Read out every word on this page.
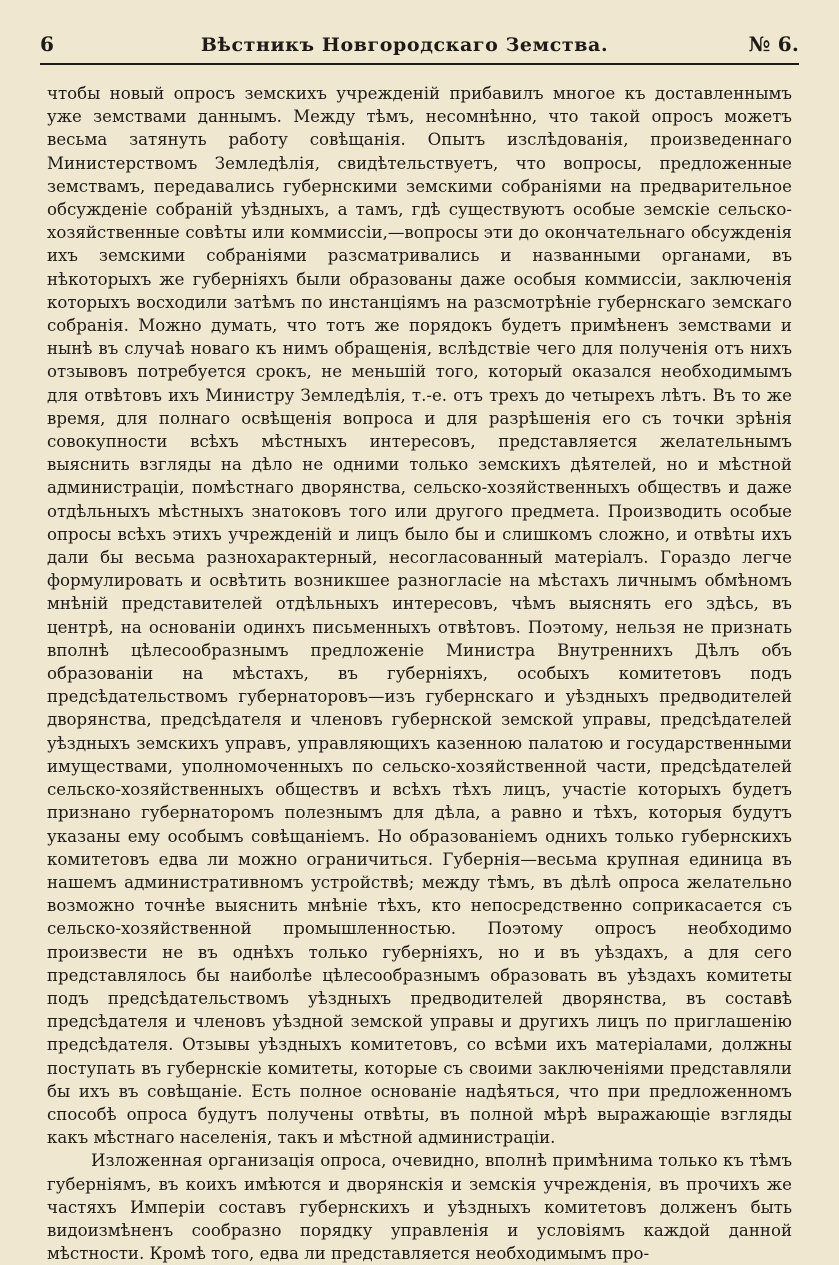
6	Вѣстникъ Новгородскаго Земства.	№ 6.

чтобы новый опросъ земскихъ учрежденій прибавилъ многое къ доставленнымъ уже земствами даннымъ. Между тѣмъ, несомнѣнно, что такой опросъ можетъ весьма затянуть работу совѣщанія. Опытъ изслѣдованія, произведеннаго Министерствомъ Земледѣлія, свидѣтельствуетъ, что вопросы, предложенные земствамъ, передавались губернскими земскими собраніями на предварительное обсужденіе собраній уѣздныхъ, а тамъ, гдѣ существуютъ особые земскіе сельско-хозяйственные совѣты или коммиссіи,—вопросы эти до окончательнаго обсужденія ихъ земскими собраніями разсматривались и названными органами, въ нѣкоторыхъ же губерніяхъ были образованы даже особыя коммиссіи, заключенія которыхъ восходили затѣмъ по инстанціямъ на разсмотрѣніе губернскаго земскаго собранія. Можно думать, что тотъ же порядокъ будетъ примѣненъ земствами и нынѣ въ случаѣ новаго къ нимъ обращенія, вслѣдствіе чего для полученія отъ нихъ отзывовъ потребуется срокъ, не меньшій того, который оказался необходимымъ для отвѣтовъ ихъ Министру Земледѣлія, т.-е. отъ трехъ до четырехъ лѣтъ. Въ то же время, для полнаго освѣщенія вопроса и для разрѣшенія его съ точки зрѣнія совокупности всѣхъ мѣстныхъ интересовъ, представляется желательнымъ выяснить взгляды на дѣло не одними только земскихъ дѣятелей, но и мѣстной администраціи, помѣстнаго дворянства, сельско-хозяйственныхъ обществъ и даже отдѣльныхъ мѣстныхъ знатоковъ того или другого предмета. Производить особые опросы всѣхъ этихъ учрежденій и лицъ было бы и слишкомъ сложно, и отвѣты ихъ дали бы весьма разнохарактерный, несогласованный матеріалъ. Гораздо легче формулировать и освѣтить возникшее разногласіе на мѣстахъ личнымъ обмѣномъ мнѣній представителей отдѣльныхъ интересовъ, чѣмъ выяснять его здѣсь, въ центрѣ, на основаніи одинхъ письменныхъ отвѣтовъ. Поэтому, нельзя не признать вполнѣ цѣлесообразнымъ предложеніе Министра Внутреннихъ Дѣлъ объ образованіи на мѣстахъ, въ губерніяхъ, особыхъ комитетовъ подъ предсѣдательствомъ губернаторовъ—изъ губернскаго и уѣздныхъ предводителей дворянства, предсѣдателя и членовъ губернской земской управы, предсѣдателей уѣздныхъ земскихъ управъ, управляющихъ казенною палатою и государственными имуществами, уполномоченныхъ по сельско-хозяйственной части, предсѣдателей сельско-хозяйственныхъ обществъ и всѣхъ тѣхъ лицъ, участіе которыхъ будетъ признано губернаторомъ полезнымъ для дѣла, а равно и тѣхъ, которыя будутъ указаны ему особымъ совѣщаніемъ. Но образованіемъ однихъ только губернскихъ комитетовъ едва ли можно ограничиться. Губернія—весьма крупная единица въ нашемъ административномъ устройствѣ; между тѣмъ, въ дѣлѣ опроса желательно возможно точнѣе выяснить мнѣніе тѣхъ, кто непосредственно соприкасается съ сельско-хозяйственной промышленностью. Поэтому опросъ необходимо произвести не въ однѣхъ только губерніяхъ, но и въ уѣздахъ, а для сего представлялось бы наиболѣе цѣлесообразнымъ образовать въ уѣздахъ комитеты подъ предсѣдательствомъ уѣздныхъ предводителей дворянства, въ составѣ предсѣдателя и членовъ уѣздной земской управы и другихъ лицъ по приглашенію предсѣдателя. Отзывы уѣздныхъ комитетовъ, со всѣми ихъ матеріалами, должны поступать въ губернскіе комитеты, которые съ своими заключеніями представляли бы ихъ въ совѣщаніе. Есть полное основаніе надѣяться, что при предложенномъ способѣ опроса будутъ получены отвѣты, въ полной мѣрѣ выражающіе взгляды какъ мѣстнаго населенія, такъ и мѣстной администраціи.

Изложенная организація опроса, очевидно, вполнѣ примѣнима только къ тѣмъ губерніямъ, въ коихъ имѣются и дворянскія и земскія учрежденія, въ прочихъ же частяхъ Имперіи составъ губернскихъ и уѣздныхъ комитетовъ долженъ быть видоизмѣненъ сообразно порядку управленія и условіямъ каждой данной мѣстности. Кромѣ того, едва ли представляется необходимымъ про-
